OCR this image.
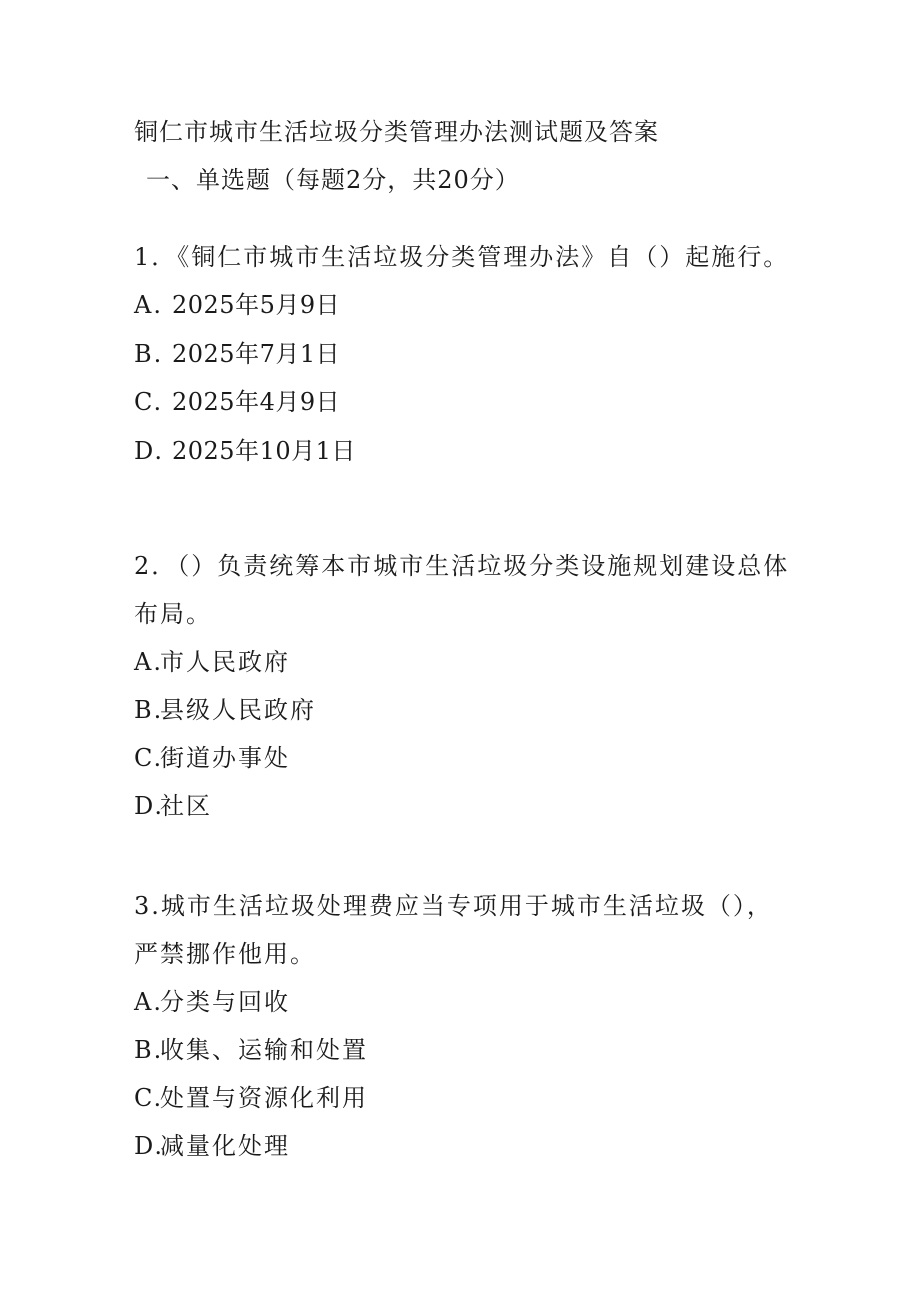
铜仁市城市生活垃圾分类管理办法测试题及答案
一、单选题（每题2分，共20分）

1．《铜仁市城市生活垃圾分类管理办法》自（）起施行。

A. 2025年5月9日

B. 2025年7月1日

C. 2025年4月9日

D. 2025年10月1日

2．（）负责统筹本市城市生活垃圾分类设施规划建设总体布局。

A.
市人民政府

B.
县级人民政府

C.
街道办事处

D.
社区

3.城市生活垃圾处理费应当专项用于城市生活垃圾（），严禁挪作他用。

A.
分类与回收

B.
收集、运输和处置

C.
处置与资源化利用

D.
减量化处理
